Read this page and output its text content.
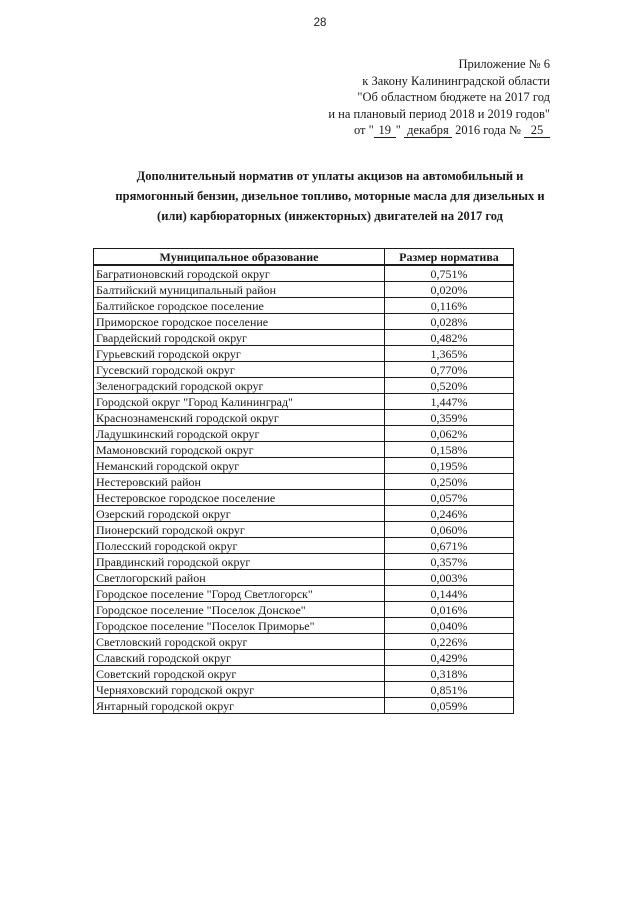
28
Приложение № 6
к Закону Калининградской области
"Об областном бюджете на 2017 год
и на плановый период 2018 и 2019 годов"
от " 19 " декабря 2016 года № 25
Дополнительный норматив от уплаты акцизов на автомобильный и
прямогонный бензин, дизельное топливо, моторные масла для дизельных и
(или) карбюраторных (инжекторных) двигателей на 2017 год
Муниципальное образование	Размер норматива
Багратионовский городской округ	0,751%
Балтийский муниципальный район	0,020%
Балтийское городское поселение	0,116%
Приморское городское поселение	0,028%
Гвардейский городской округ	0,482%
Гурьевский городской округ	1,365%
Гусевский городской округ	0,770%
Зеленоградский городской округ	0,520%
Городской округ "Город Калининград"	1,447%
Краснознаменский городской округ	0,359%
Ладушкинский городской округ	0,062%
Мамоновский городской округ	0,158%
Неманский городской округ	0,195%
Нестеровский район	0,250%
Нестеровское городское поселение	0,057%
Озерский городской округ	0,246%
Пионерский городской округ	0,060%
Полесский городской округ	0,671%
Правдинский городской округ	0,357%
Светлогорский район	0,003%
Городское поселение "Город Светлогорск"	0,144%
Городское поселение "Поселок Донское"	0,016%
Городское поселение "Поселок Приморье"	0,040%
Светловский городской округ	0,226%
Славский городской округ	0,429%
Советский городской округ	0,318%
Черняховский городской округ	0,851%
Янтарный городской округ	0,059%
